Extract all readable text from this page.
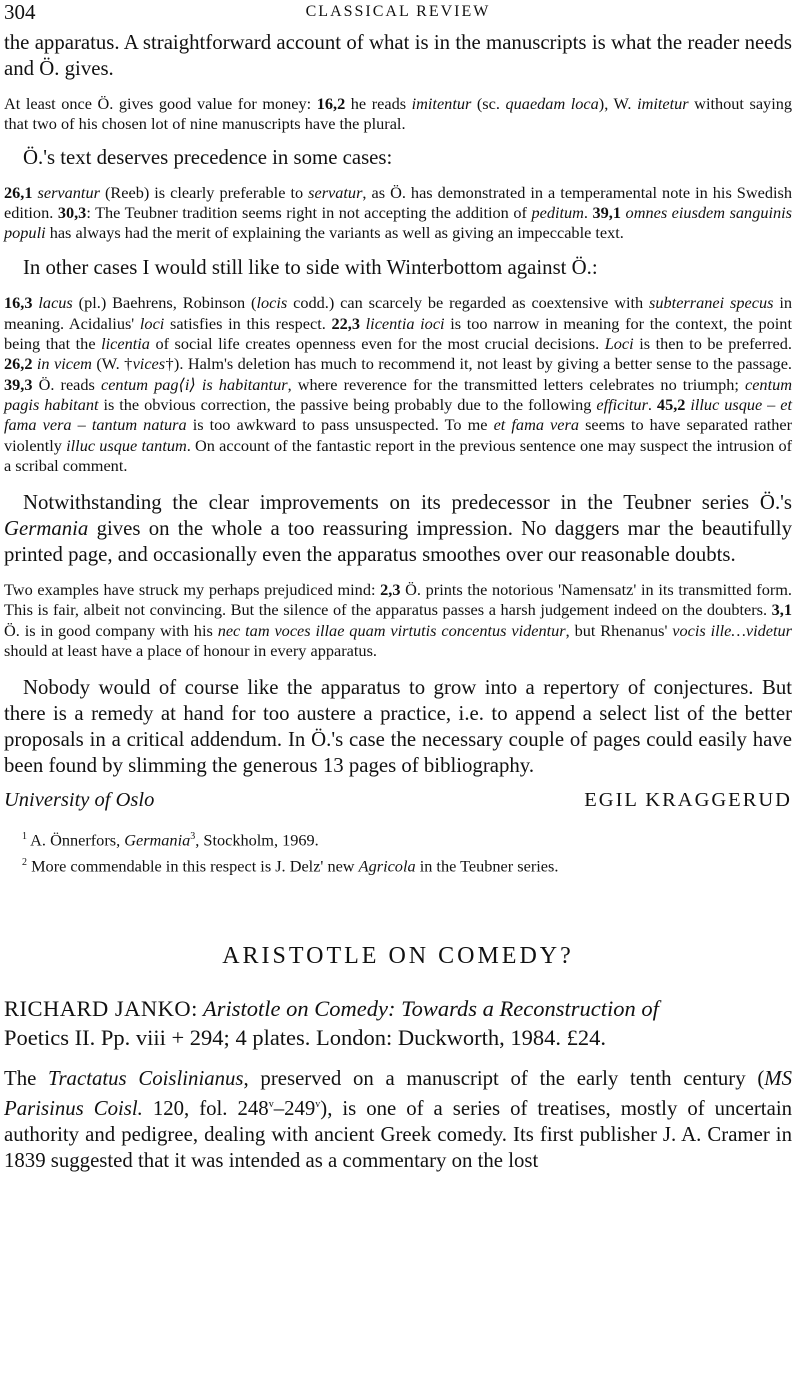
304	CLASSICAL REVIEW

the apparatus. A straightforward account of what is in the manuscripts is what the reader needs and Ö. gives.

At least once Ö. gives good value for money: 16,2 he reads imitentur (sc. quaedam loca), W. imitetur without saying that two of his chosen lot of nine manuscripts have the plural.

Ö.'s text deserves precedence in some cases:

26,1 servantur (Reeb) is clearly preferable to servatur, as Ö. has demonstrated in a temperamental note in his Swedish edition. 30,3: The Teubner tradition seems right in not accepting the addition of peditum. 39,1 omnes eiusdem sanguinis populi has always had the merit of explaining the variants as well as giving an impeccable text.

In other cases I would still like to side with Winterbottom against Ö.:

16,3 lacus (pl.) Baehrens, Robinson (locis codd.) can scarcely be regarded as coextensive with subterranei specus in meaning. Acidalius' loci satisfies in this respect. 22,3 licentia ioci is too narrow in meaning for the context, the point being that the licentia of social life creates openness even for the most crucial decisions. Loci is then to be preferred. 26,2 in vicem (W. †vices†). Halm's deletion has much to recommend it, not least by giving a better sense to the passage. 39,3 Ö. reads centum pag⟨i⟩ is habitantur, where reverence for the transmitted letters celebrates no triumph; centum pagis habitant is the obvious correction, the passive being probably due to the following efficitur. 45,2 illuc usque – et fama vera – tantum natura is too awkward to pass unsuspected. To me et fama vera seems to have separated rather violently illuc usque tantum. On account of the fantastic report in the previous sentence one may suspect the intrusion of a scribal comment.

Notwithstanding the clear improvements on its predecessor in the Teubner series Ö.'s Germania gives on the whole a too reassuring impression. No daggers mar the beautifully printed page, and occasionally even the apparatus smoothes over our reasonable doubts.

Two examples have struck my perhaps prejudiced mind: 2,3 Ö. prints the notorious 'Namensatz' in its transmitted form. This is fair, albeit not convincing. But the silence of the apparatus passes a harsh judgement indeed on the doubters. 3,1 Ö. is in good company with his nec tam voces illae quam virtutis concentus videntur, but Rhenanus' vocis ille…videtur should at least have a place of honour in every apparatus.

Nobody would of course like the apparatus to grow into a repertory of conjectures. But there is a remedy at hand for too austere a practice, i.e. to append a select list of the better proposals in a critical addendum. In Ö.'s case the necessary couple of pages could easily have been found by slimming the generous 13 pages of bibliography.

University of Oslo	EGIL KRAGGERUD
$^1$ A. Önnerfors, Germania$^3$, Stockholm, 1969.
$^2$ More commendable in this respect is J. Delz' new Agricola in the Teubner series.
ARISTOTLE ON COMEDY?
RICHARD JANKO: Aristotle on Comedy: Towards a Reconstruction of
Poetics II. Pp. viii + 294; 4 plates. London: Duckworth, 1984. £24.

The Tractatus Coislinianus, preserved on a manuscript of the early tenth century (MS Parisinus Coisl. 120, fol. 248$^v$–249$^v$), is one of a series of treatises, mostly of uncertain authority and pedigree, dealing with ancient Greek comedy. Its first publisher J. A. Cramer in 1839 suggested that it was intended as a commentary on the lost
